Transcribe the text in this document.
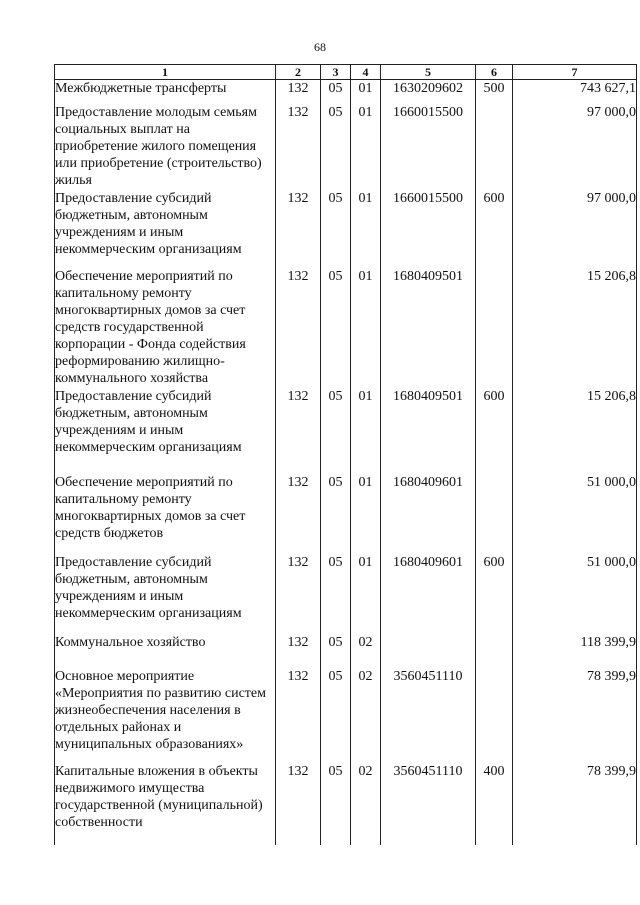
68
1	2	3	4	5	6	7
Межбюджетные трансферты	132	05	01	1630209602	500	743 627,1
Предоставление молодым семьям социальных выплат на приобретение жилого помещения или приобретение (строительство) жилья	132	05	01	1660015500		97 000,0
Предоставление субсидий бюджетным, автономным учреждениям и иным некоммерческим организациям	132	05	01	1660015500	600	97 000,0
Обеспечение мероприятий по капитальному ремонту многоквартирных домов за счет средств государственной корпорации - Фонда содействия реформированию жилищно-коммунального хозяйства	132	05	01	1680409501		15 206,8
Предоставление субсидий бюджетным, автономным учреждениям и иным некоммерческим организациям	132	05	01	1680409501	600	15 206,8
Обеспечение мероприятий по капитальному ремонту многоквартирных домов за счет средств бюджетов	132	05	01	1680409601		51 000,0
Предоставление субсидий бюджетным, автономным учреждениям и иным некоммерческим организациям	132	05	01	1680409601	600	51 000,0
Коммунальное хозяйство	132	05	02			118 399,9
Основное мероприятие «Мероприятия по развитию систем жизнеобеспечения населения в отдельных районах и муниципальных образованиях»	132	05	02	3560451110		78 399,9
Капитальные вложения в объекты недвижимого имущества государственной (муниципальной) собственности	132	05	02	3560451110	400	78 399,9
